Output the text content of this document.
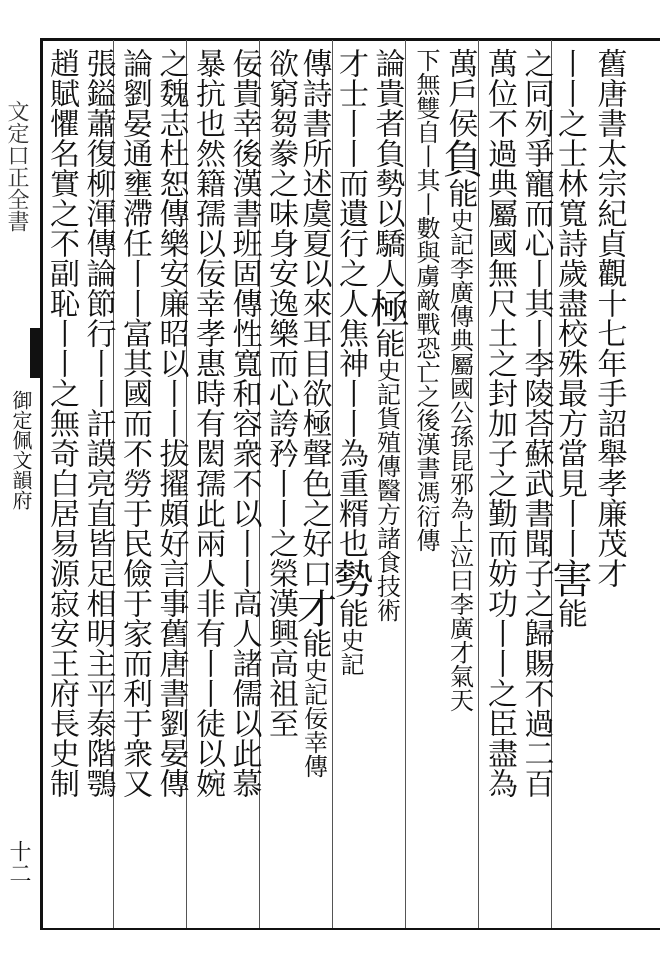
文定口正全書
御定佩文韻府
十二
舊唐書太宗紀貞觀十七年手詔舉孝廉茂才
丨丨之士林寬詩歲盡校殊最方當見丨丨害能
之同列爭寵而心丨其丨李陵荅蘇武書聞子之歸賜不過二百
萬位不過典屬國無尺土之封加子之勤而妨功丨丨之臣盡為
萬戶侯負能史記李廣傳典屬國公孫昆邪為上泣曰李廣才氣天
下無雙自丨其丨數與虜敵戰恐亡之後漢書馮衍傳
論貴者負勢以驕人極能史記貨殖傳醫方諸食技術
才士丨丨而遺行之人焦神丨丨為重糈也勢能史記
傳詩書所述虞夏以來耳目欲極聲色之好口才能史記佞幸傳
欲窮芻豢之味身安逸樂而心誇矜丨丨之榮漢興高祖至
佞貴幸後漢書班固傳性寬和容衆不以丨丨高人諸儒以此慕
暴抗也然籍孺以佞幸孝惠時有閎孺此兩人非有丨丨徒以婉
之魏志杜恕傳樂安廉昭以丨丨拔擢頗好言事舊唐書劉晏傳
論劉晏通壅滯任丨丨富其國而不勞于民儉于家而利于衆又
張鎰蕭復柳渾傳論節行丨丨訐謨亮直皆足相明主平泰階鶚
趙賦懼名實之不副恥丨丨之無奇白居易源寂安王府長史制
